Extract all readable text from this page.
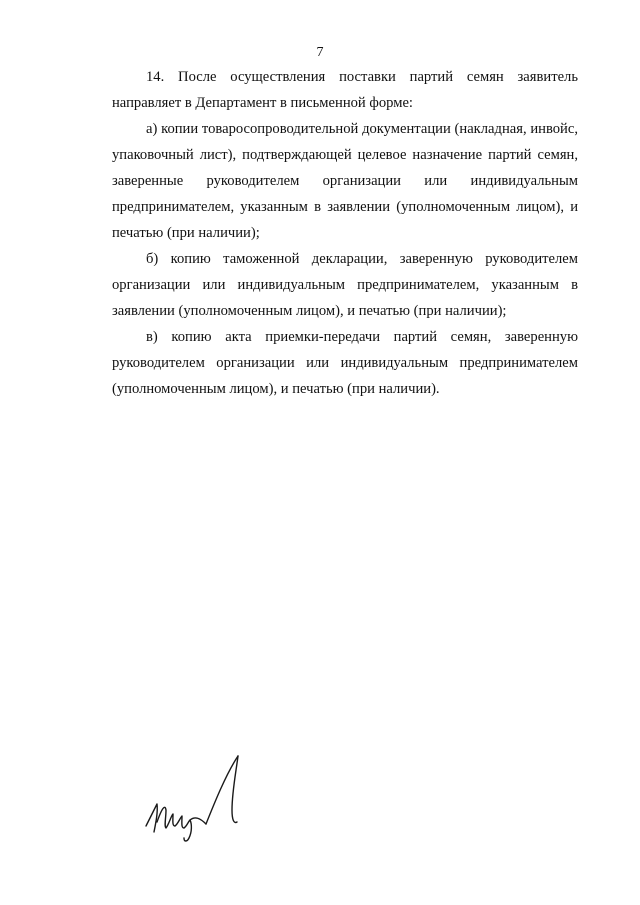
7

14. После осуществления поставки партий семян заявитель направляет в Департамент в письменной форме:

а) копии товаросопроводительной документации (накладная, инвойс, упаковочный лист), подтверждающей целевое назначение партий семян, заверенные руководителем организации или индивидуальным предпринимателем, указанным в заявлении (уполномоченным лицом), и печатью (при наличии);

б) копию таможенной декларации, заверенную руководителем организации или индивидуальным предпринимателем, указанным в заявлении (уполномоченным лицом), и печатью (при наличии);

в) копию акта приемки-передачи партий семян, заверенную руководителем организации или индивидуальным предпринимателем (уполномоченным лицом), и печатью (при наличии).
